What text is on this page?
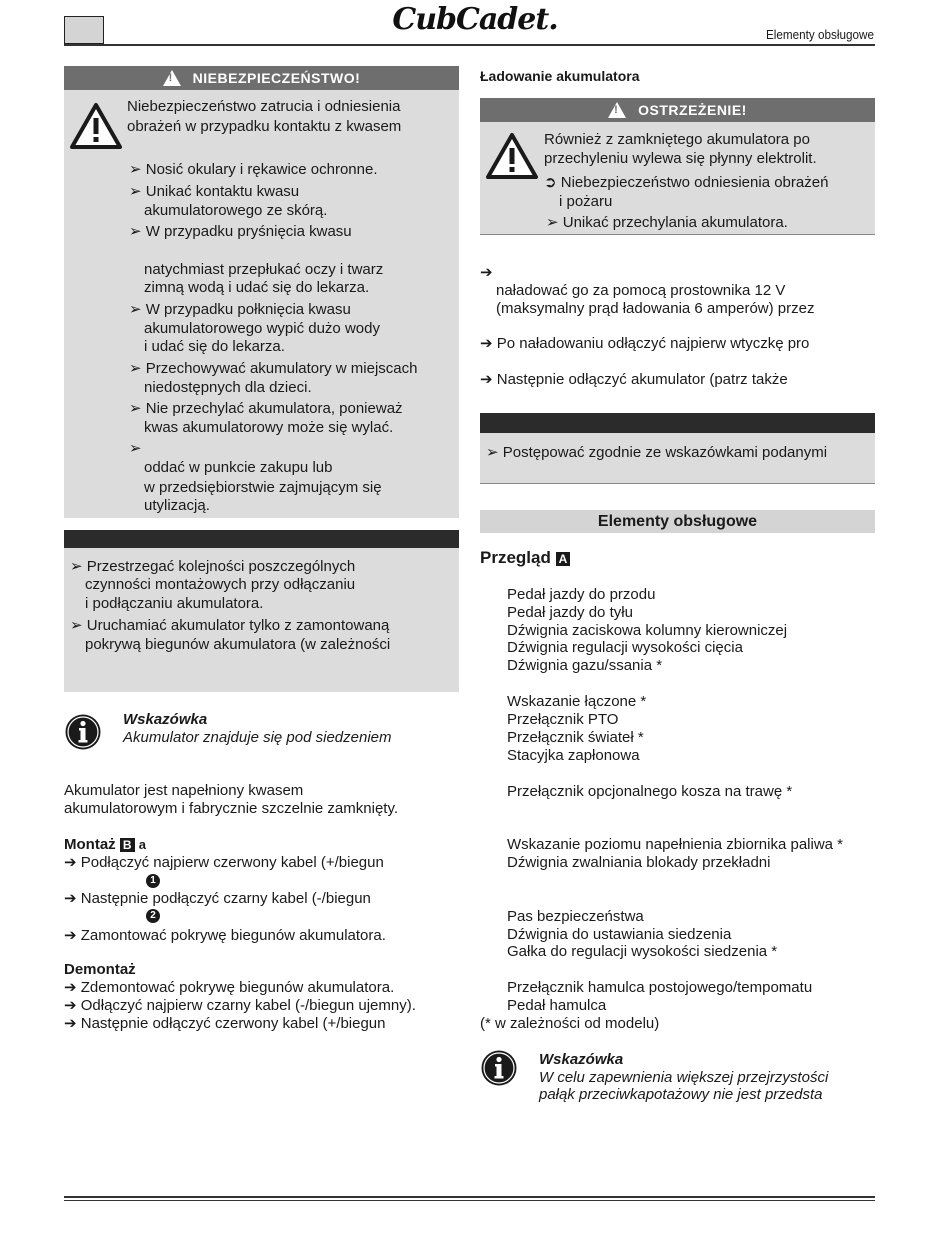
CubCadet.	Elementy obsługowe
!
NIEBEZPIECZEŃSTWO!
Niebezpieczeństwo zatrucia i odniesienia
obrażeń w przypadku kontaktu z kwasem
➢ Nosić okulary i rękawice ochronne.
➢ Unikać kontaktu kwasu
akumulatorowego ze skórą.
➢ W przypadku pryśnięcia kwasu
natychmiast przepłukać oczy i twarz
zimną wodą i udać się do lekarza.
➢ W przypadku połknięcia kwasu
akumulatorowego wypić dużo wody
i udać się do lekarza.
➢ Przechowywać akumulatory w miejscach
niedostępnych dla dzieci.
➢ Nie przechylać akumulatora, ponieważ
kwas akumulatorowy może się wylać.
➢
oddać w punkcie zakupu lub
w przedsiębiorstwie zajmującym się
utylizacją.
➢ Przestrzegać kolejności poszczególnych
czynności montażowych przy odłączaniu
i podłączaniu akumulatora.
➢ Uruchamiać akumulator tylko z zamontowaną
pokrywą biegunów akumulatora (w zależności
Wskazówka
Akumulator znajduje się pod siedzeniem
Akumulator jest napełniony kwasem
akumulatorowym i fabrycznie szczelnie zamknięty.
Montaż B a
➔ Podłączyć najpierw czerwony kabel (+/biegun
1
➔ Następnie podłączyć czarny kabel (-/biegun
2
➔ Zamontować pokrywę biegunów akumulatora.
Demontaż
➔ Zdemontować pokrywę biegunów akumulatora.
➔ Odłączyć najpierw czarny kabel (-/biegun ujemny).
➔ Następnie odłączyć czerwony kabel (+/biegun
Ładowanie akumulatora
!
OSTRZEŻENIE!
Również z zamkniętego akumulatora po
przechyleniu wylewa się płynny elektrolit.
➲ Niebezpieczeństwo odniesienia obrażeń
i pożaru
➢ Unikać przechylania akumulatora.
➔
naładować go za pomocą prostownika 12 V
(maksymalny prąd ładowania 6 amperów) przez
➔ Po naładowaniu odłączyć najpierw wtyczkę pro
➔ Następnie odłączyć akumulator (patrz także
➢ Postępować zgodnie ze wskazówkami podanymi
Elementy obsługowe
Przegląd A
Pedał jazdy do przodu
Pedał jazdy do tyłu
Dźwignia zaciskowa kolumny kierowniczej
Dźwignia regulacji wysokości cięcia
Dźwignia gazu/ssania *
Wskazanie łączone *
Przełącznik PTO
Przełącznik świateł *
Stacyjka zapłonowa
Przełącznik opcjonalnego kosza na trawę *
Wskazanie poziomu napełnienia zbiornika paliwa *
Dźwignia zwalniania blokady przekładni
Pas bezpieczeństwa
Dźwignia do ustawiania siedzenia
Gałka do regulacji wysokości siedzenia *
Przełącznik hamulca postojowego/tempomatu
Pedał hamulca
(* w zależności od modelu)
Wskazówka
W celu zapewnienia większej przejrzystości
pałąk przeciwkapotażowy nie jest przedsta
